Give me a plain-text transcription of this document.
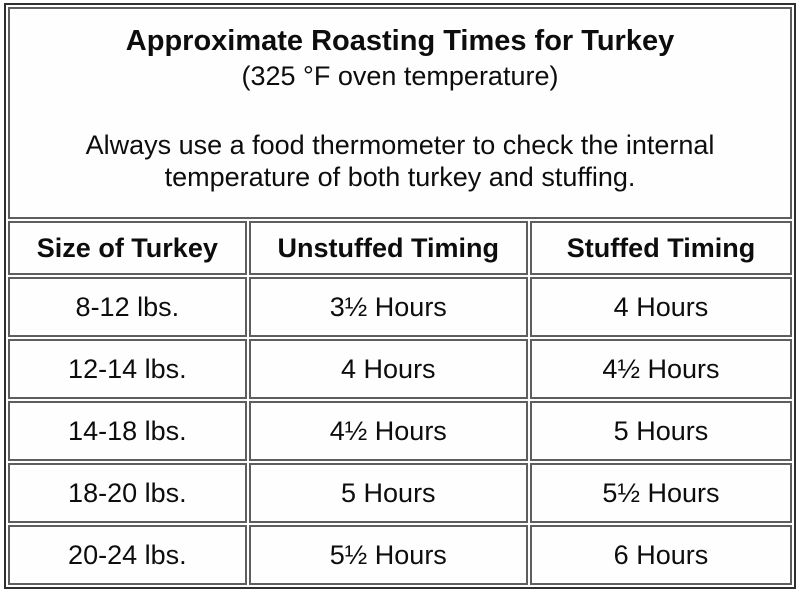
Approximate Roasting Times for Turkey
(325 °F oven temperature)
Always use a food thermometer to check the internal
temperature of both turkey and stuffing.		

Size of Turkey	Unstuffed Timing	Stuffed Timing
8-12 lbs.	3½ Hours	4 Hours
12-14 lbs.	4 Hours	4½ Hours
14-18 lbs.	4½ Hours	5 Hours
18-20 lbs.	5 Hours	5½ Hours
20-24 lbs.	5½ Hours	6 Hours
